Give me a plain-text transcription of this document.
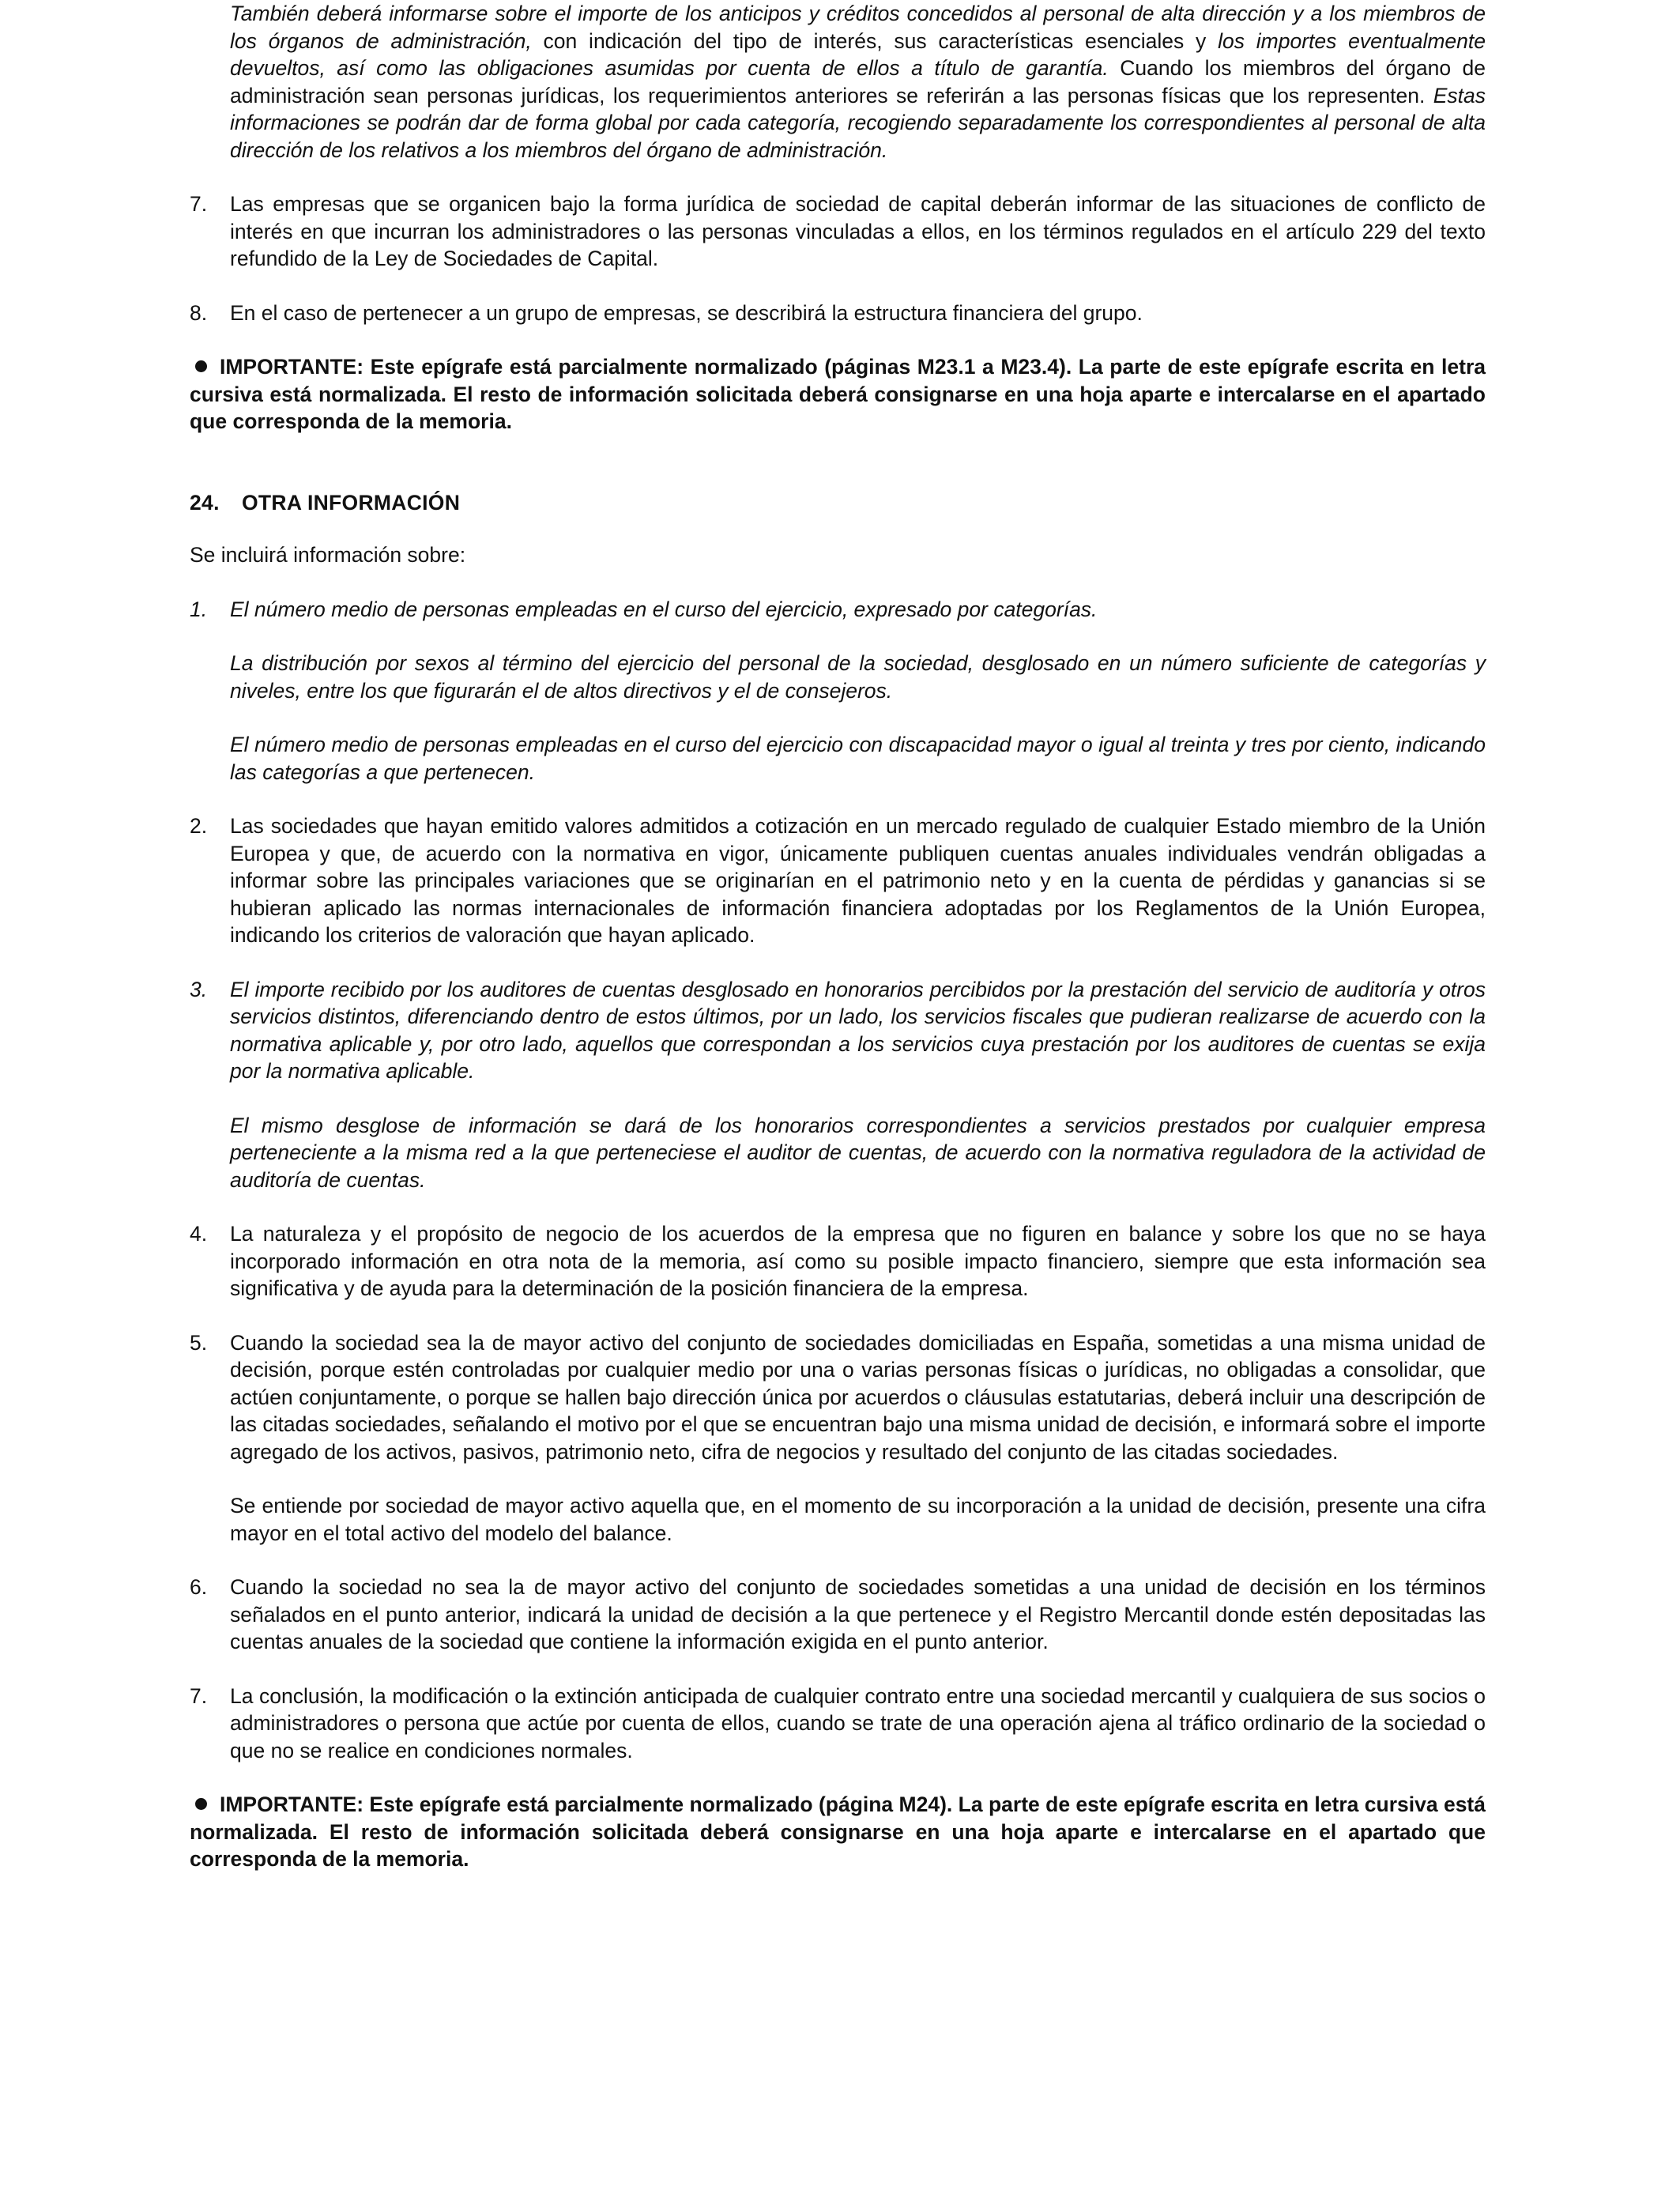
También deberá informarse sobre el importe de los anticipos y créditos concedidos al personal de alta dirección y a los miembros de los órganos de administración, con indicación del tipo de interés, sus características esenciales y los importes eventualmente devueltos, así como las obligaciones asumidas por cuenta de ellos a título de garantía. Cuando los miembros del órgano de administración sean personas jurídicas, los requerimientos anteriores se referirán a las personas físicas que los representen. Estas informaciones se podrán dar de forma global por cada categoría, recogiendo separadamente los correspondientes al personal de alta dirección de los relativos a los miembros del órgano de administración.

7. Las empresas que se organicen bajo la forma jurídica de sociedad de capital deberán informar de las situaciones de conflicto de interés en que incurran los administradores o las personas vinculadas a ellos, en los términos regulados en el artículo 229 del texto refundido de la Ley de Sociedades de Capital.
8. En el caso de pertenecer a un grupo de empresas, se describirá la estructura financiera del grupo.

IMPORTANTE: Este epígrafe está parcialmente normalizado (páginas M23.1 a M23.4). La parte de este epígrafe escrita en letra cursiva está normalizada. El resto de información solicitada deberá consignarse en una hoja aparte e intercalarse en el apartado que corresponda de la memoria.

24. OTRA INFORMACIÓN

Se incluirá información sobre:

1. El número medio de personas empleadas en el curso del ejercicio, expresado por categorías.

La distribución por sexos al término del ejercicio del personal de la sociedad, desglosado en un número suficiente de categorías y niveles, entre los que figurarán el de altos directivos y el de consejeros.

El número medio de personas empleadas en el curso del ejercicio con discapacidad mayor o igual al treinta y tres por ciento, indicando las categorías a que pertenecen.

2. Las sociedades que hayan emitido valores admitidos a cotización en un mercado regulado de cualquier Estado miembro de la Unión Europea y que, de acuerdo con la normativa en vigor, únicamente publiquen cuentas anuales individuales vendrán obligadas a informar sobre las principales variaciones que se originarían en el patrimonio neto y en la cuenta de pérdidas y ganancias si se hubieran aplicado las normas internacionales de información financiera adoptadas por los Reglamentos de la Unión Europea, indicando los criterios de valoración que hayan aplicado.

3. El importe recibido por los auditores de cuentas desglosado en honorarios percibidos por la prestación del servicio de auditoría y otros servicios distintos, diferenciando dentro de estos últimos, por un lado, los servicios fiscales que pudieran realizarse de acuerdo con la normativa aplicable y, por otro lado, aquellos que correspondan a los servicios cuya prestación por los auditores de cuentas se exija por la normativa aplicable.

El mismo desglose de información se dará de los honorarios correspondientes a servicios prestados por cualquier empresa perteneciente a la misma red a la que perteneciese el auditor de cuentas, de acuerdo con la normativa reguladora de la actividad de auditoría de cuentas.

4. La naturaleza y el propósito de negocio de los acuerdos de la empresa que no figuren en balance y sobre los que no se haya incorporado información en otra nota de la memoria, así como su posible impacto financiero, siempre que esta información sea significativa y de ayuda para la determinación de la posición financiera de la empresa.

5. Cuando la sociedad sea la de mayor activo del conjunto de sociedades domiciliadas en España, sometidas a una misma unidad de decisión, porque estén controladas por cualquier medio por una o varias personas físicas o jurídicas, no obligadas a consolidar, que actúen conjuntamente, o porque se hallen bajo dirección única por acuerdos o cláusulas estatutarias, deberá incluir una descripción de las citadas sociedades, señalando el motivo por el que se encuentran bajo una misma unidad de decisión, e informará sobre el importe agregado de los activos, pasivos, patrimonio neto, cifra de negocios y resultado del conjunto de las citadas sociedades.

Se entiende por sociedad de mayor activo aquella que, en el momento de su incorporación a la unidad de decisión, presente una cifra mayor en el total activo del modelo del balance.

6. Cuando la sociedad no sea la de mayor activo del conjunto de sociedades sometidas a una unidad de decisión en los términos señalados en el punto anterior, indicará la unidad de decisión a la que pertenece y el Registro Mercantil donde estén depositadas las cuentas anuales de la sociedad que contiene la información exigida en el punto anterior.

7. La conclusión, la modificación o la extinción anticipada de cualquier contrato entre una sociedad mercantil y cualquiera de sus socios o administradores o persona que actúe por cuenta de ellos, cuando se trate de una operación ajena al tráfico ordinario de la sociedad o que no se realice en condiciones normales.

IMPORTANTE: Este epígrafe está parcialmente normalizado (página M24). La parte de este epígrafe escrita en letra cursiva está normalizada. El resto de información solicitada deberá consignarse en una hoja aparte e intercalarse en el apartado que corresponda de la memoria.
